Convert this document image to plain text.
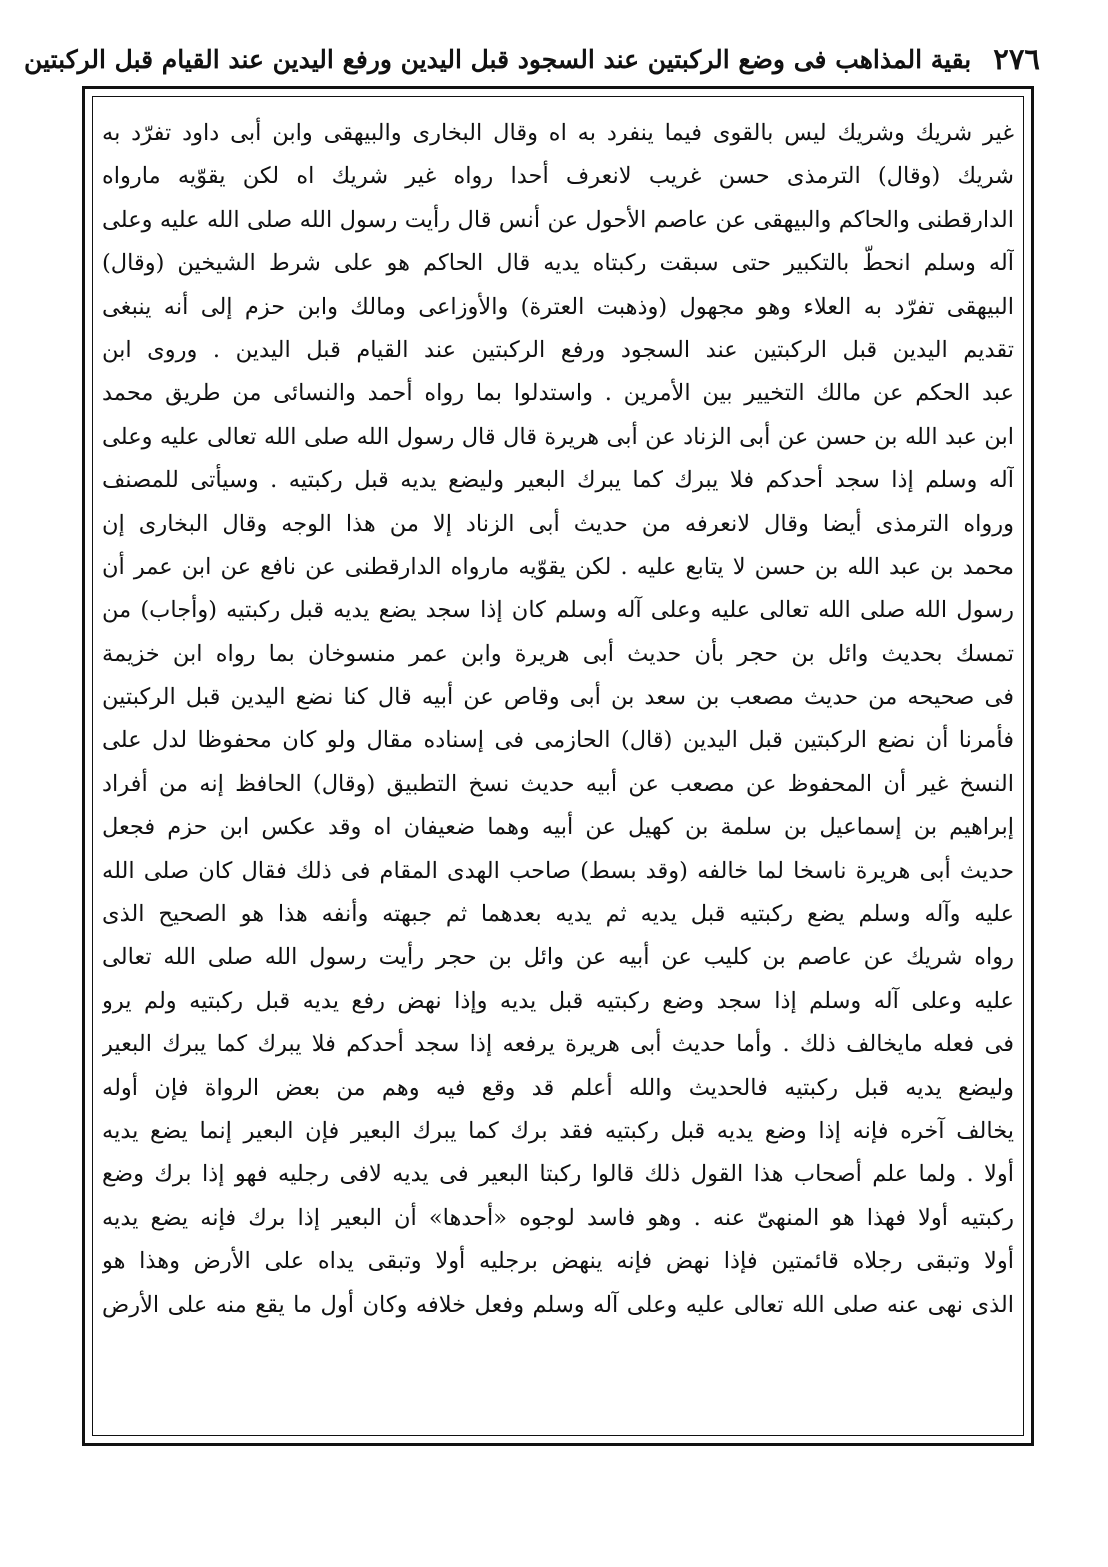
٢٧٦
بقية المذاهب فى وضع الركبتين عند السجود قبل اليدين ورفع اليدين عند القيام قبل الركبتين
غير شريك وشريك ليس بالقوى فيما ينفرد به اه وقال البخارى والبيهقى وابن أبى داود تفرّد به
شريك (وقال) الترمذى حسن غريب لانعرف أحدا رواه غير شريك اه لكن يقوّيه مارواه
الدارقطنى والحاكم والبيهقى عن عاصم الأحول عن أنس قال رأيت رسول الله صلى الله عليه وعلى
آله وسلم انحطّ بالتكبير حتى سبقت ركبتاه يديه قال الحاكم هو على شرط الشيخين (وقال)
البيهقى تفرّد به العلاء وهو مجهول (وذهبت العترة) والأوزاعى ومالك وابن حزم إلى أنه ينبغى
تقديم اليدين قبل الركبتين عند السجود ورفع الركبتين عند القيام قبل اليدين . وروى ابن
عبد الحكم عن مالك التخيير بين الأمرين . واستدلوا بما رواه أحمد والنسائى من طريق محمد
ابن عبد الله بن حسن عن أبى الزناد عن أبى هريرة قال قال رسول الله صلى الله تعالى عليه وعلى
آله وسلم إذا سجد أحدكم فلا يبرك كما يبرك البعير وليضع يديه قبل ركبتيه . وسيأتى للمصنف
ورواه الترمذى أيضا وقال لانعرفه من حديث أبى الزناد إلا من هذا الوجه وقال البخارى إن
محمد بن عبد الله بن حسن لا يتابع عليه . لكن يقوّيه مارواه الدارقطنى عن نافع عن ابن عمر أن
رسول الله صلى الله تعالى عليه وعلى آله وسلم كان إذا سجد يضع يديه قبل ركبتيه (وأجاب) من
تمسك بحديث وائل بن حجر بأن حديث أبى هريرة وابن عمر منسوخان بما رواه ابن خزيمة
فى صحيحه من حديث مصعب بن سعد بن أبى وقاص عن أبيه قال كنا نضع اليدين قبل الركبتين
فأمرنا أن نضع الركبتين قبل اليدين (قال) الحازمى فى إسناده مقال ولو كان محفوظا لدل على
النسخ غير أن المحفوظ عن مصعب عن أبيه حديث نسخ التطبيق (وقال) الحافظ إنه من أفراد
إبراهيم بن إسماعيل بن سلمة بن كهيل عن أبيه وهما ضعيفان اه وقد عكس ابن حزم فجعل
حديث أبى هريرة ناسخا لما خالفه (وقد بسط) صاحب الهدى المقام فى ذلك فقال كان صلى الله
عليه وآله وسلم يضع ركبتيه قبل يديه ثم يديه بعدهما ثم جبهته وأنفه هذا هو الصحيح الذى
رواه شريك عن عاصم بن كليب عن أبيه عن وائل بن حجر رأيت رسول الله صلى الله تعالى
عليه وعلى آله وسلم إذا سجد وضع ركبتيه قبل يديه وإذا نهض رفع يديه قبل ركبتيه ولم يرو
فى فعله مايخالف ذلك . وأما حديث أبى هريرة يرفعه إذا سجد أحدكم فلا يبرك كما يبرك البعير
وليضع يديه قبل ركبتيه فالحديث والله أعلم قد وقع فيه وهم من بعض الرواة فإن أوله
يخالف آخره فإنه إذا وضع يديه قبل ركبتيه فقد برك كما يبرك البعير فإن البعير إنما يضع يديه
أولا . ولما علم أصحاب هذا القول ذلك قالوا ركبتا البعير فى يديه لافى رجليه فهو إذا برك وضع
ركبتيه أولا فهذا هو المنهىّ عنه . وهو فاسد لوجوه «أحدها» أن البعير إذا برك فإنه يضع يديه
أولا وتبقى رجلاه قائمتين فإذا نهض فإنه ينهض برجليه أولا وتبقى يداه على الأرض وهذا هو
الذى نهى عنه صلى الله تعالى عليه وعلى آله وسلم وفعل خلافه وكان أول ما يقع منه على الأرض
